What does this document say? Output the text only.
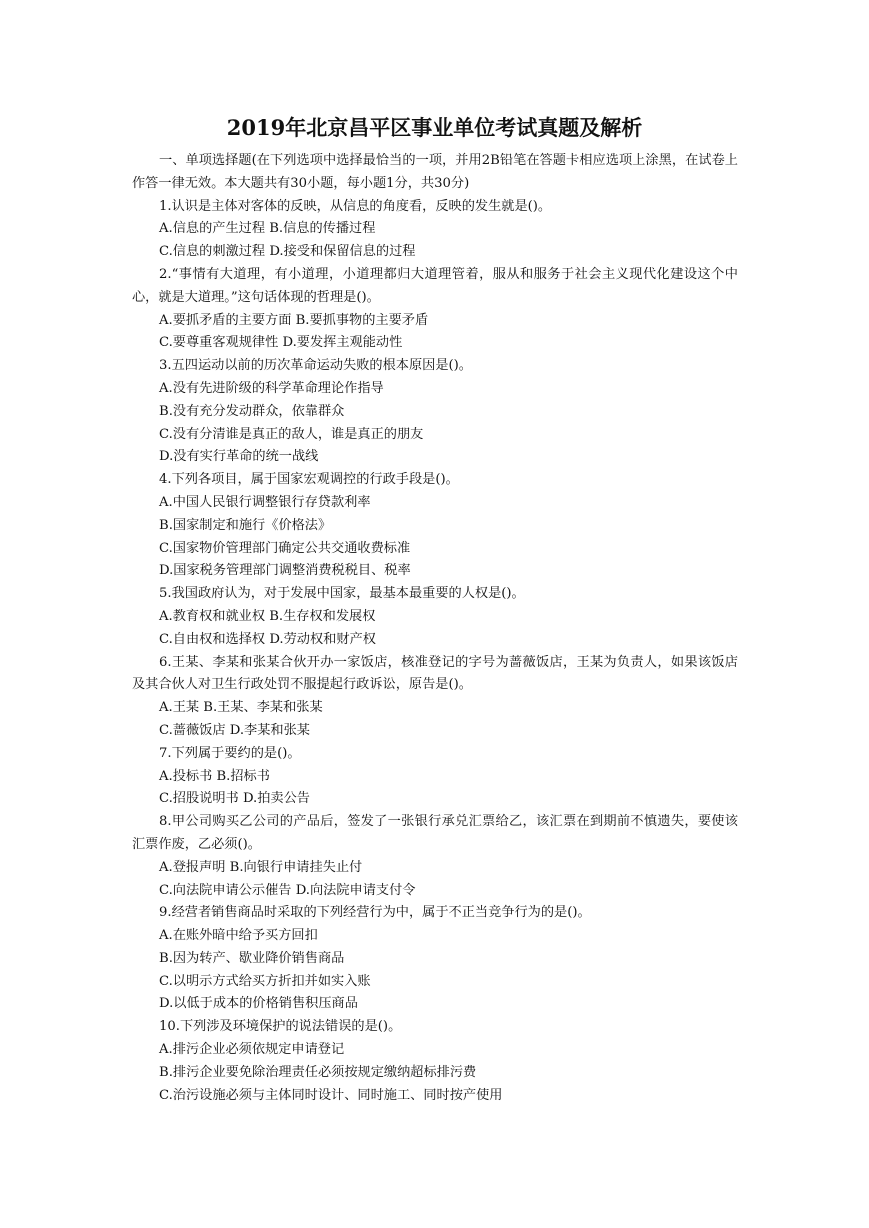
2019年北京昌平区事业单位考试真题及解析

一、单项选择题(在下列选项中选择最恰当的一项，并用2B铅笔在答题卡相应选项上涂黑，在试卷上作答一律无效。本大题共有30小题，每小题1分，共30分)

1.认识是主体对客体的反映，从信息的角度看，反映的发生就是()。

A.信息的产生过程 B.信息的传播过程

C.信息的刺激过程 D.接受和保留信息的过程

2.“事情有大道理，有小道理，小道理都归大道理管着，服从和服务于社会主义现代化建设这个中心，就是大道理。”这句话体现的哲理是()。

A.要抓矛盾的主要方面 B.要抓事物的主要矛盾

C.要尊重客观规律性 D.要发挥主观能动性

3.五四运动以前的历次革命运动失败的根本原因是()。

A.没有先进阶级的科学革命理论作指导

B.没有充分发动群众，依靠群众

C.没有分清谁是真正的敌人，谁是真正的朋友

D.没有实行革命的统一战线

4.下列各项目，属于国家宏观调控的行政手段是()。

A.中国人民银行调整银行存贷款利率

B.国家制定和施行《价格法》

C.国家物价管理部门确定公共交通收费标准

D.国家税务管理部门调整消费税税目、税率

5.我国政府认为，对于发展中国家，最基本最重要的人权是()。

A.教育权和就业权 B.生存权和发展权

C.自由权和选择权 D.劳动权和财产权

6.王某、李某和张某合伙开办一家饭店，核准登记的字号为蔷薇饭店，王某为负责人，如果该饭店及其合伙人对卫生行政处罚不服提起行政诉讼，原告是()。

A.王某 B.王某、李某和张某

C.蔷薇饭店 D.李某和张某

7.下列属于要约的是()。

A.投标书 B.招标书

C.招股说明书 D.拍卖公告

8.甲公司购买乙公司的产品后，签发了一张银行承兑汇票给乙，该汇票在到期前不慎遗失，要使该汇票作废，乙必须()。

A.登报声明 B.向银行申请挂失止付

C.向法院申请公示催告 D.向法院申请支付令

9.经营者销售商品时采取的下列经营行为中，属于不正当竞争行为的是()。

A.在账外暗中给予买方回扣

B.因为转产、歇业降价销售商品

C.以明示方式给买方折扣并如实入账

D.以低于成本的价格销售积压商品

10.下列涉及环境保护的说法错误的是()。

A.排污企业必须依规定申请登记

B.排污企业要免除治理责任必须按规定缴纳超标排污费

C.治污设施必须与主体同时设计、同时施工、同时按产使用
